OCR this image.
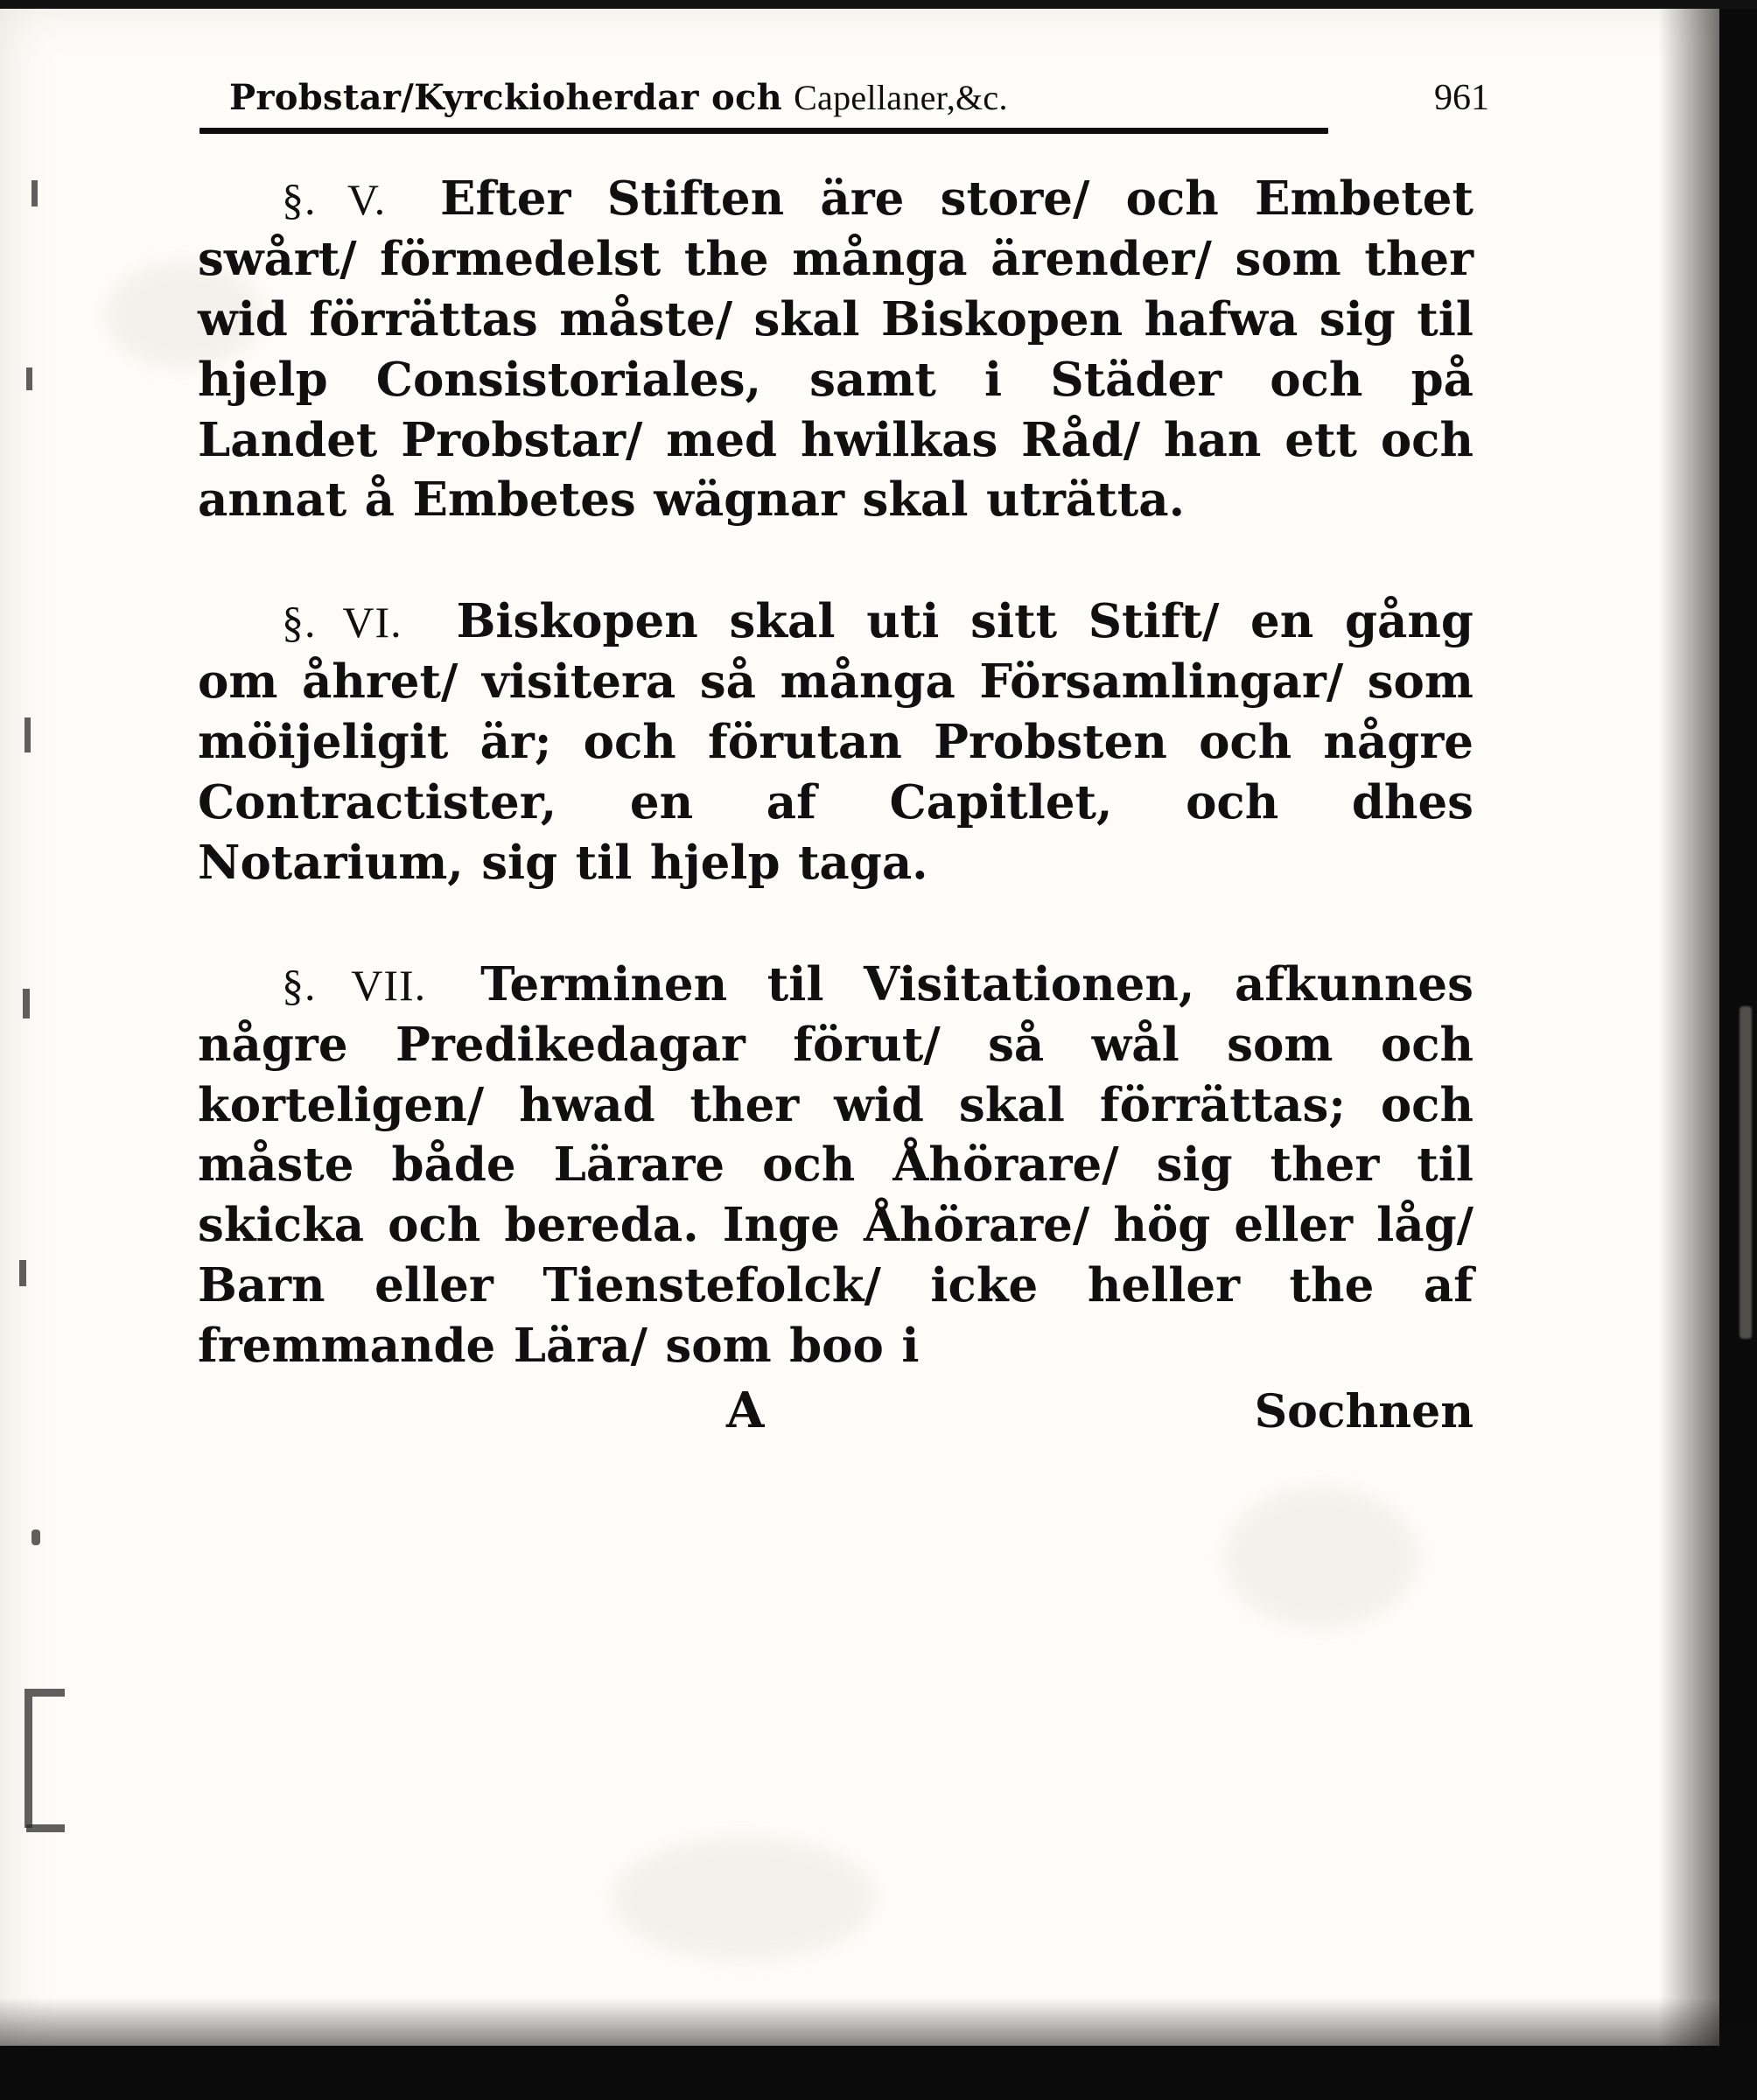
Probstar/Kyrckioherdar och Capellaner,&c.	961
§. V. Efter Stiften äre store/ och Embetet swårt/ förmedelst the många ärender/ som ther wid förrättas måste/ skal Biskopen hafwa sig til hjelp Consistoriales, samt i Städer och på Landet Probstar/ med hwilkas Råd/ han ett och annat å Embetes wägnar skal uträtta.
§. VI. Biskopen skal uti sitt Stift/ en gång om åhret/ visitera så många Församlingar/ som möijeligit är; och förutan Probsten och någre Contractister, en af Capitlet, och dhes Notarium, sig til hjelp taga.
§. VII. Terminen til Visitationen, afkunnes någre Predikedagar förut/ så wål som och korteligen/ hwad ther wid skal förrättas; och måste både Lärare och Åhörare/ sig ther til skicka och bereda. Inge Åhörare/ hög eller låg/ Barn eller Tienstefolck/ icke heller the af fremmande Lära/ som boo i
A	Sochnen
